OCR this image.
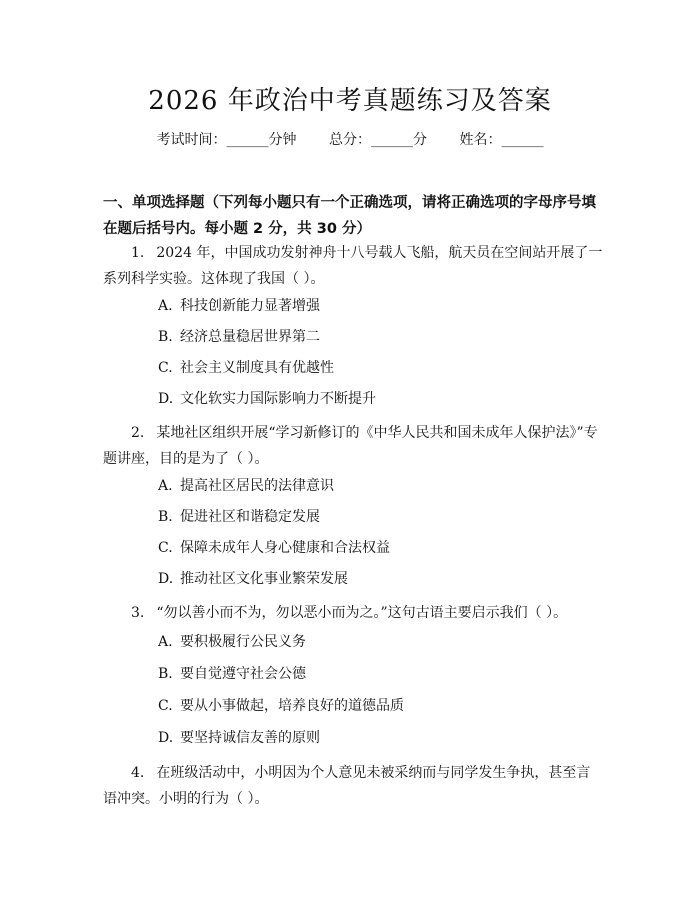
2026 年政治中考真题练习及答案
考试时间：______分钟 总分：______分 姓名：______
一、单项选择题（下列每小题只有一个正确选项，请将正确选项的字母序号填在题后括号内。每小题 2 分，共 30 分）
1. 2024 年，中国成功发射神舟十八号载人飞船，航天员在空间站开展了一系列科学实验。这体现了我国（ ）。
A. 科技创新能力显著增强
B. 经济总量稳居世界第二
C. 社会主义制度具有优越性
D. 文化软实力国际影响力不断提升
2. 某地社区组织开展“学习新修订的《中华人民共和国未成年人保护法》”专题讲座，目的是为了（ ）。
A. 提高社区居民的法律意识
B. 促进社区和谐稳定发展
C. 保障未成年人身心健康和合法权益
D. 推动社区文化事业繁荣发展
3. “勿以善小而不为，勿以恶小而为之。”这句古语主要启示我们（ ）。
A. 要积极履行公民义务
B. 要自觉遵守社会公德
C. 要从小事做起，培养良好的道德品质
D. 要坚持诚信友善的原则
4. 在班级活动中，小明因为个人意见未被采纳而与同学发生争执，甚至言语冲突。小明的行为（ ）。
